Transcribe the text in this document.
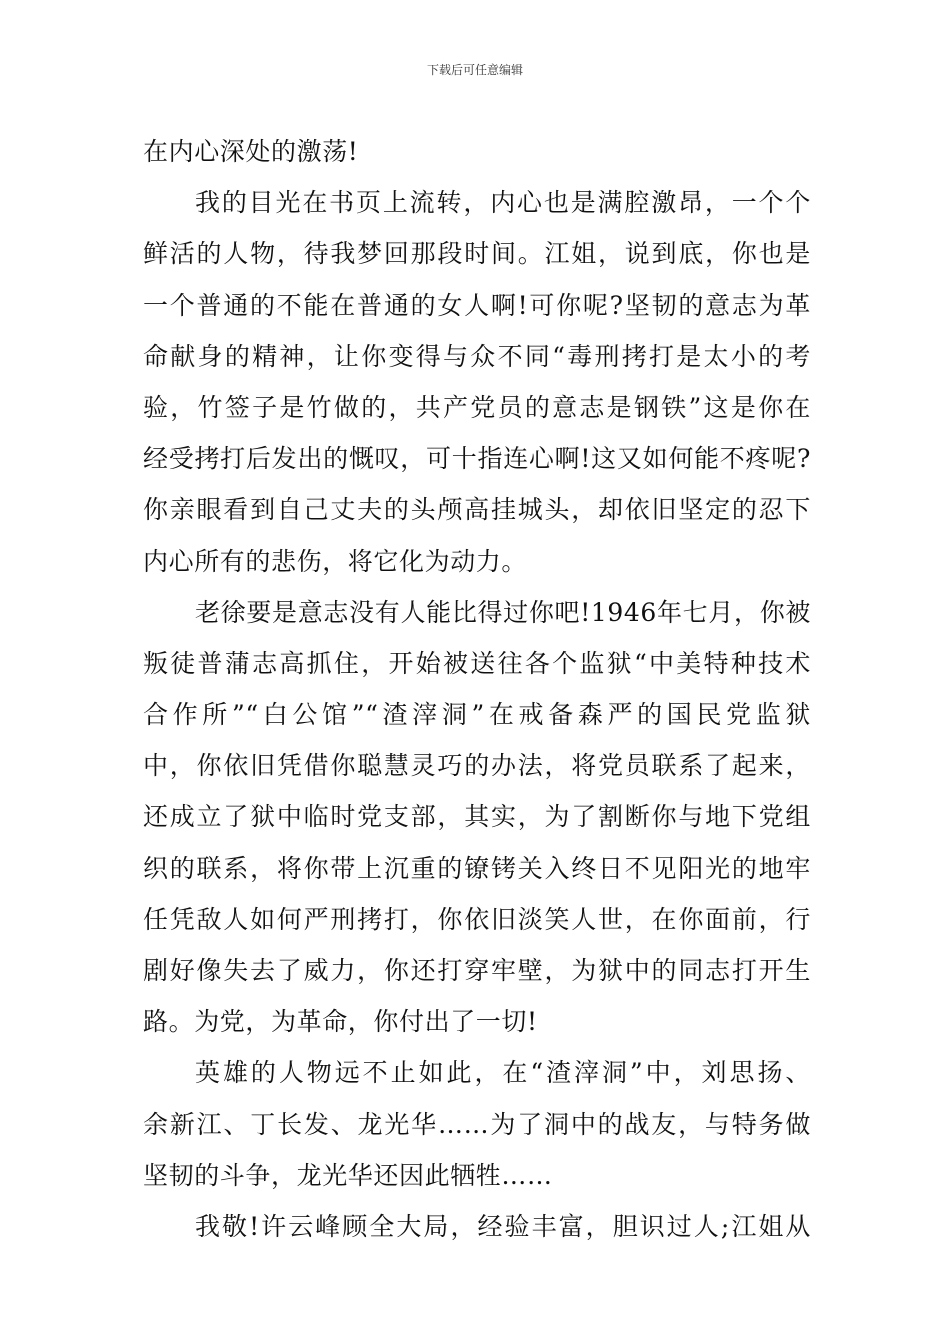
下载后可任意编辑
在内心深处的激荡!
我的目光在书页上流转，内心也是满腔激昂，一个个
鲜活的人物，待我梦回那段时间。江姐，说到底，你也是
一个普通的不能在普通的女人啊!可你呢?坚韧的意志为革
命献身的精神，让你变得与众不同“毒刑拷打是太小的考
验，竹签子是竹做的，共产党员的意志是钢铁”这是你在
经受拷打后发出的慨叹，可十指连心啊!这又如何能不疼呢?
你亲眼看到自己丈夫的头颅高挂城头，却依旧坚定的忍下
内心所有的悲伤，将它化为动力。
老徐要是意志没有人能比得过你吧!1946年七月，你被
叛徒普蒲志高抓住，开始被送往各个监狱“中美特种技术
合作所”“白公馆”“渣滓洞”在戒备森严的国民党监狱
中，你依旧凭借你聪慧灵巧的办法，将党员联系了起来，
还成立了狱中临时党支部，其实，为了割断你与地下党组
织的联系，将你带上沉重的镣铐关入终日不见阳光的地牢
任凭敌人如何严刑拷打，你依旧淡笑人世，在你面前，行
剧好像失去了威力，你还打穿牢壁，为狱中的同志打开生
路。为党，为革命，你付出了一切!
英雄的人物远不止如此，在“渣滓洞”中，刘思扬、
余新江、丁长发、龙光华……为了洞中的战友，与特务做
坚韧的斗争，龙光华还因此牺牲……
我敬!许云峰顾全大局，经验丰富，胆识过人;江姐从
